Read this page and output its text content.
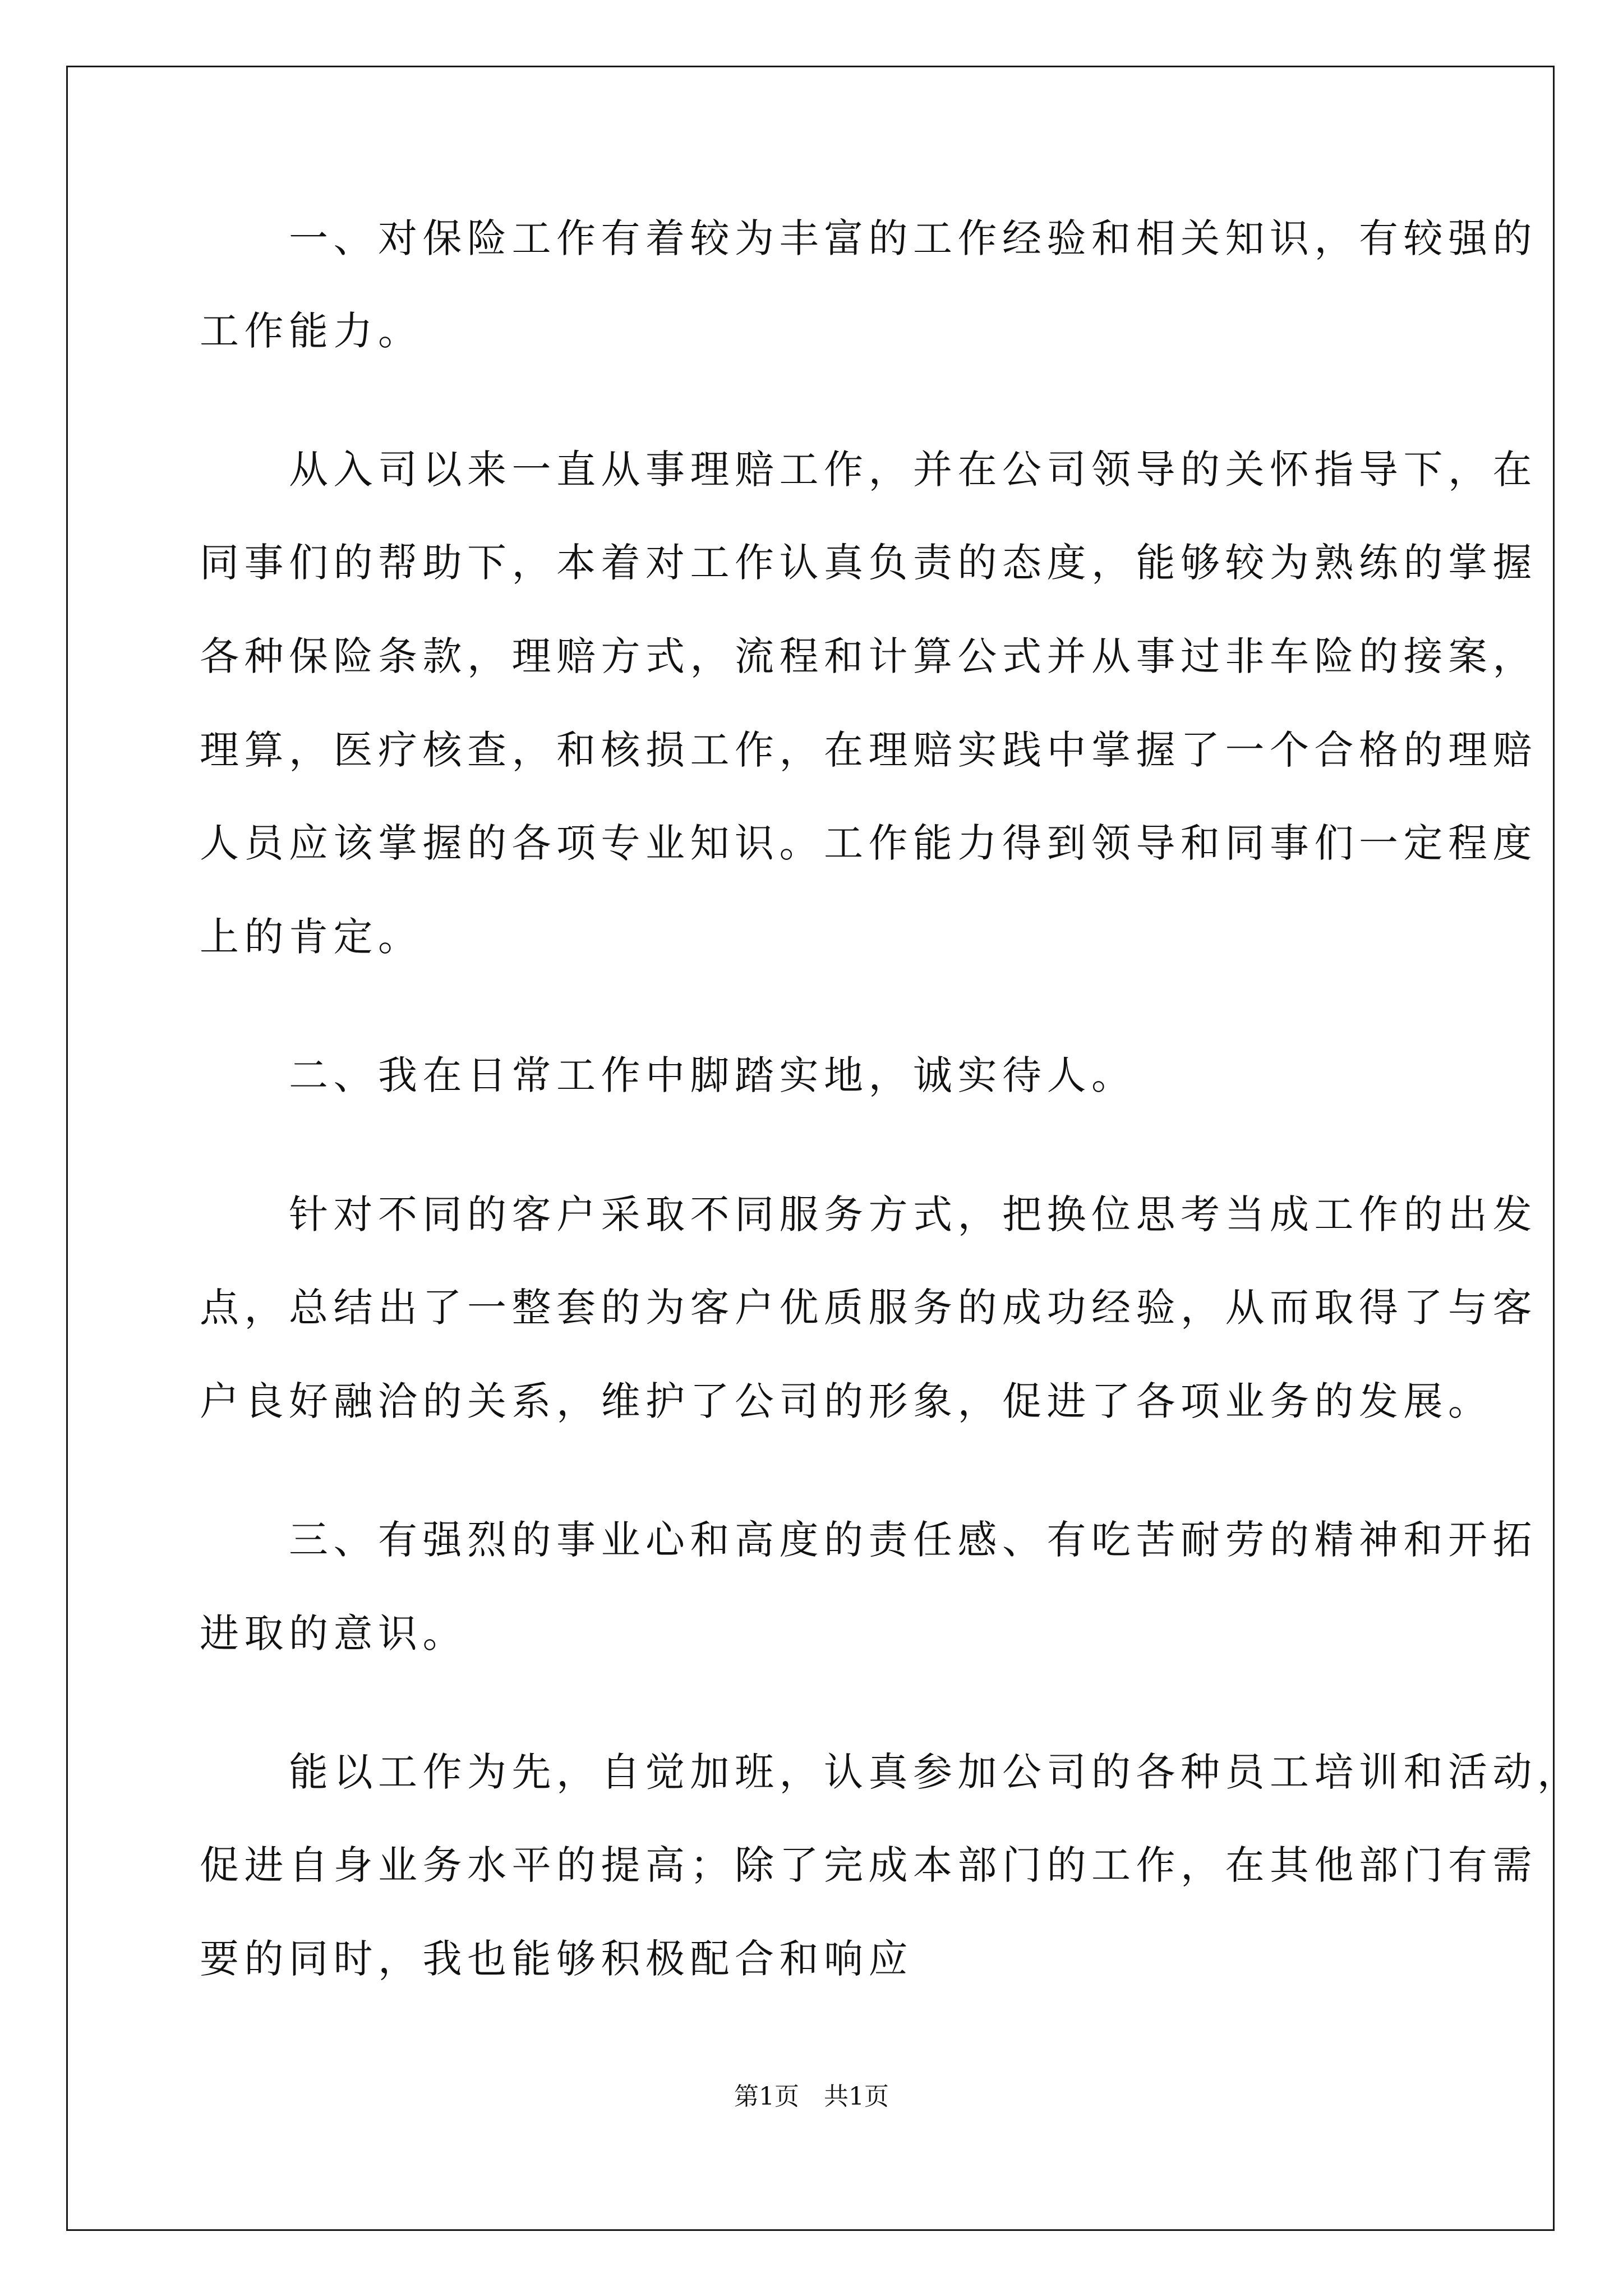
　　一、对保险工作有着较为丰富的工作经验和相关知识，有较强的
工作能力。
　　从入司以来一直从事理赔工作，并在公司领导的关怀指导下，在
同事们的帮助下，本着对工作认真负责的态度，能够较为熟练的掌握
各种保险条款，理赔方式，流程和计算公式并从事过非车险的接案，
理算，医疗核查，和核损工作，在理赔实践中掌握了一个合格的理赔
人员应该掌握的各项专业知识。工作能力得到领导和同事们一定程度
上的肯定。
　　二、我在日常工作中脚踏实地，诚实待人。
　　针对不同的客户采取不同服务方式，把换位思考当成工作的出发
点，总结出了一整套的为客户优质服务的成功经验，从而取得了与客
户良好融洽的关系，维护了公司的形象，促进了各项业务的发展。
　　三、有强烈的事业心和高度的责任感、有吃苦耐劳的精神和开拓
进取的意识。
　　能以工作为先，自觉加班，认真参加公司的各种员工培训和活动，
促进自身业务水平的提高；除了完成本部门的工作，在其他部门有需
要的同时，我也能够积极配合和响应
第1页　共1页
